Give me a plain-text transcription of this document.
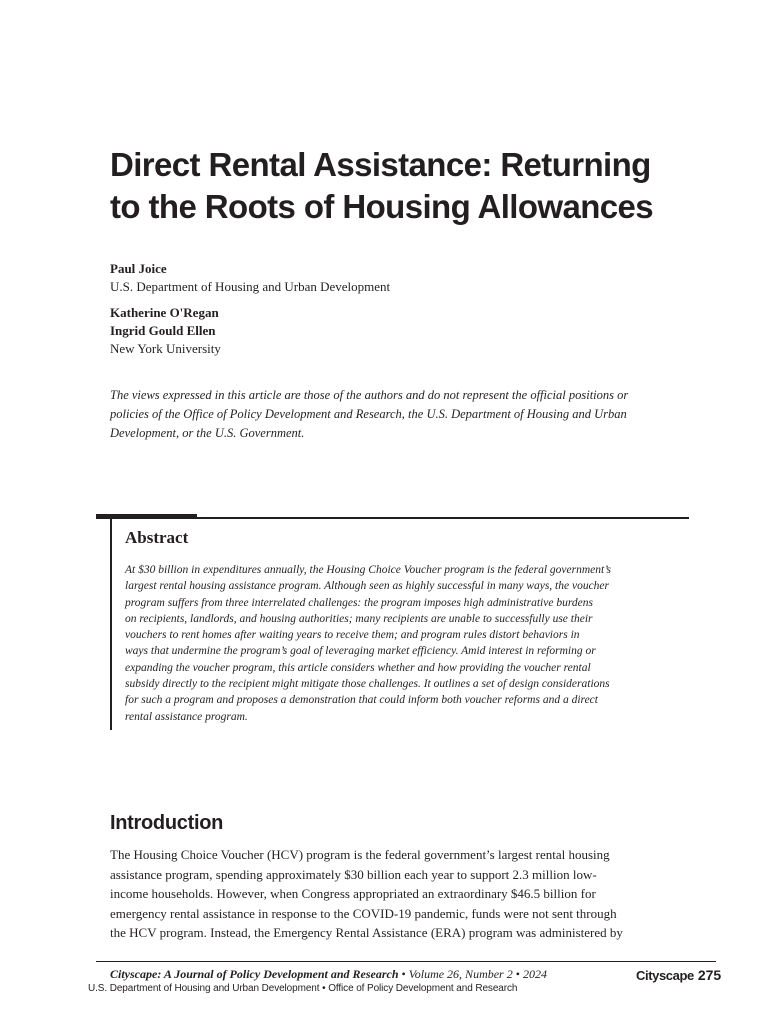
Direct Rental Assistance: Returning
to the Roots of Housing Allowances
Paul Joice
U.S. Department of Housing and Urban Development
Katherine O'Regan
Ingrid Gould Ellen
New York University
The views expressed in this article are those of the authors and do not represent the official positions or
policies of the Office of Policy Development and Research, the U.S. Department of Housing and Urban
Development, or the U.S. Government.
Abstract
At $30 billion in expenditures annually, the Housing Choice Voucher program is the federal government’s
largest rental housing assistance program. Although seen as highly successful in many ways, the voucher
program suffers from three interrelated challenges: the program imposes high administrative burdens
on recipients, landlords, and housing authorities; many recipients are unable to successfully use their
vouchers to rent homes after waiting years to receive them; and program rules distort behaviors in
ways that undermine the program’s goal of leveraging market efficiency. Amid interest in reforming or
expanding the voucher program, this article considers whether and how providing the voucher rental
subsidy directly to the recipient might mitigate those challenges. It outlines a set of design considerations
for such a program and proposes a demonstration that could inform both voucher reforms and a direct
rental assistance program.
Introduction
The Housing Choice Voucher (HCV) program is the federal government’s largest rental housing
assistance program, spending approximately $30 billion each year to support 2.3 million low-
income households. However, when Congress appropriated an extraordinary $46.5 billion for
emergency rental assistance in response to the COVID-19 pandemic, funds were not sent through
the HCV program. Instead, the Emergency Rental Assistance (ERA) program was administered by
Cityscape: A Journal of Policy Development and Research • Volume 26, Number 2 • 2024
U.S. Department of Housing and Urban Development • Office of Policy Development and Research
Cityscape 275
